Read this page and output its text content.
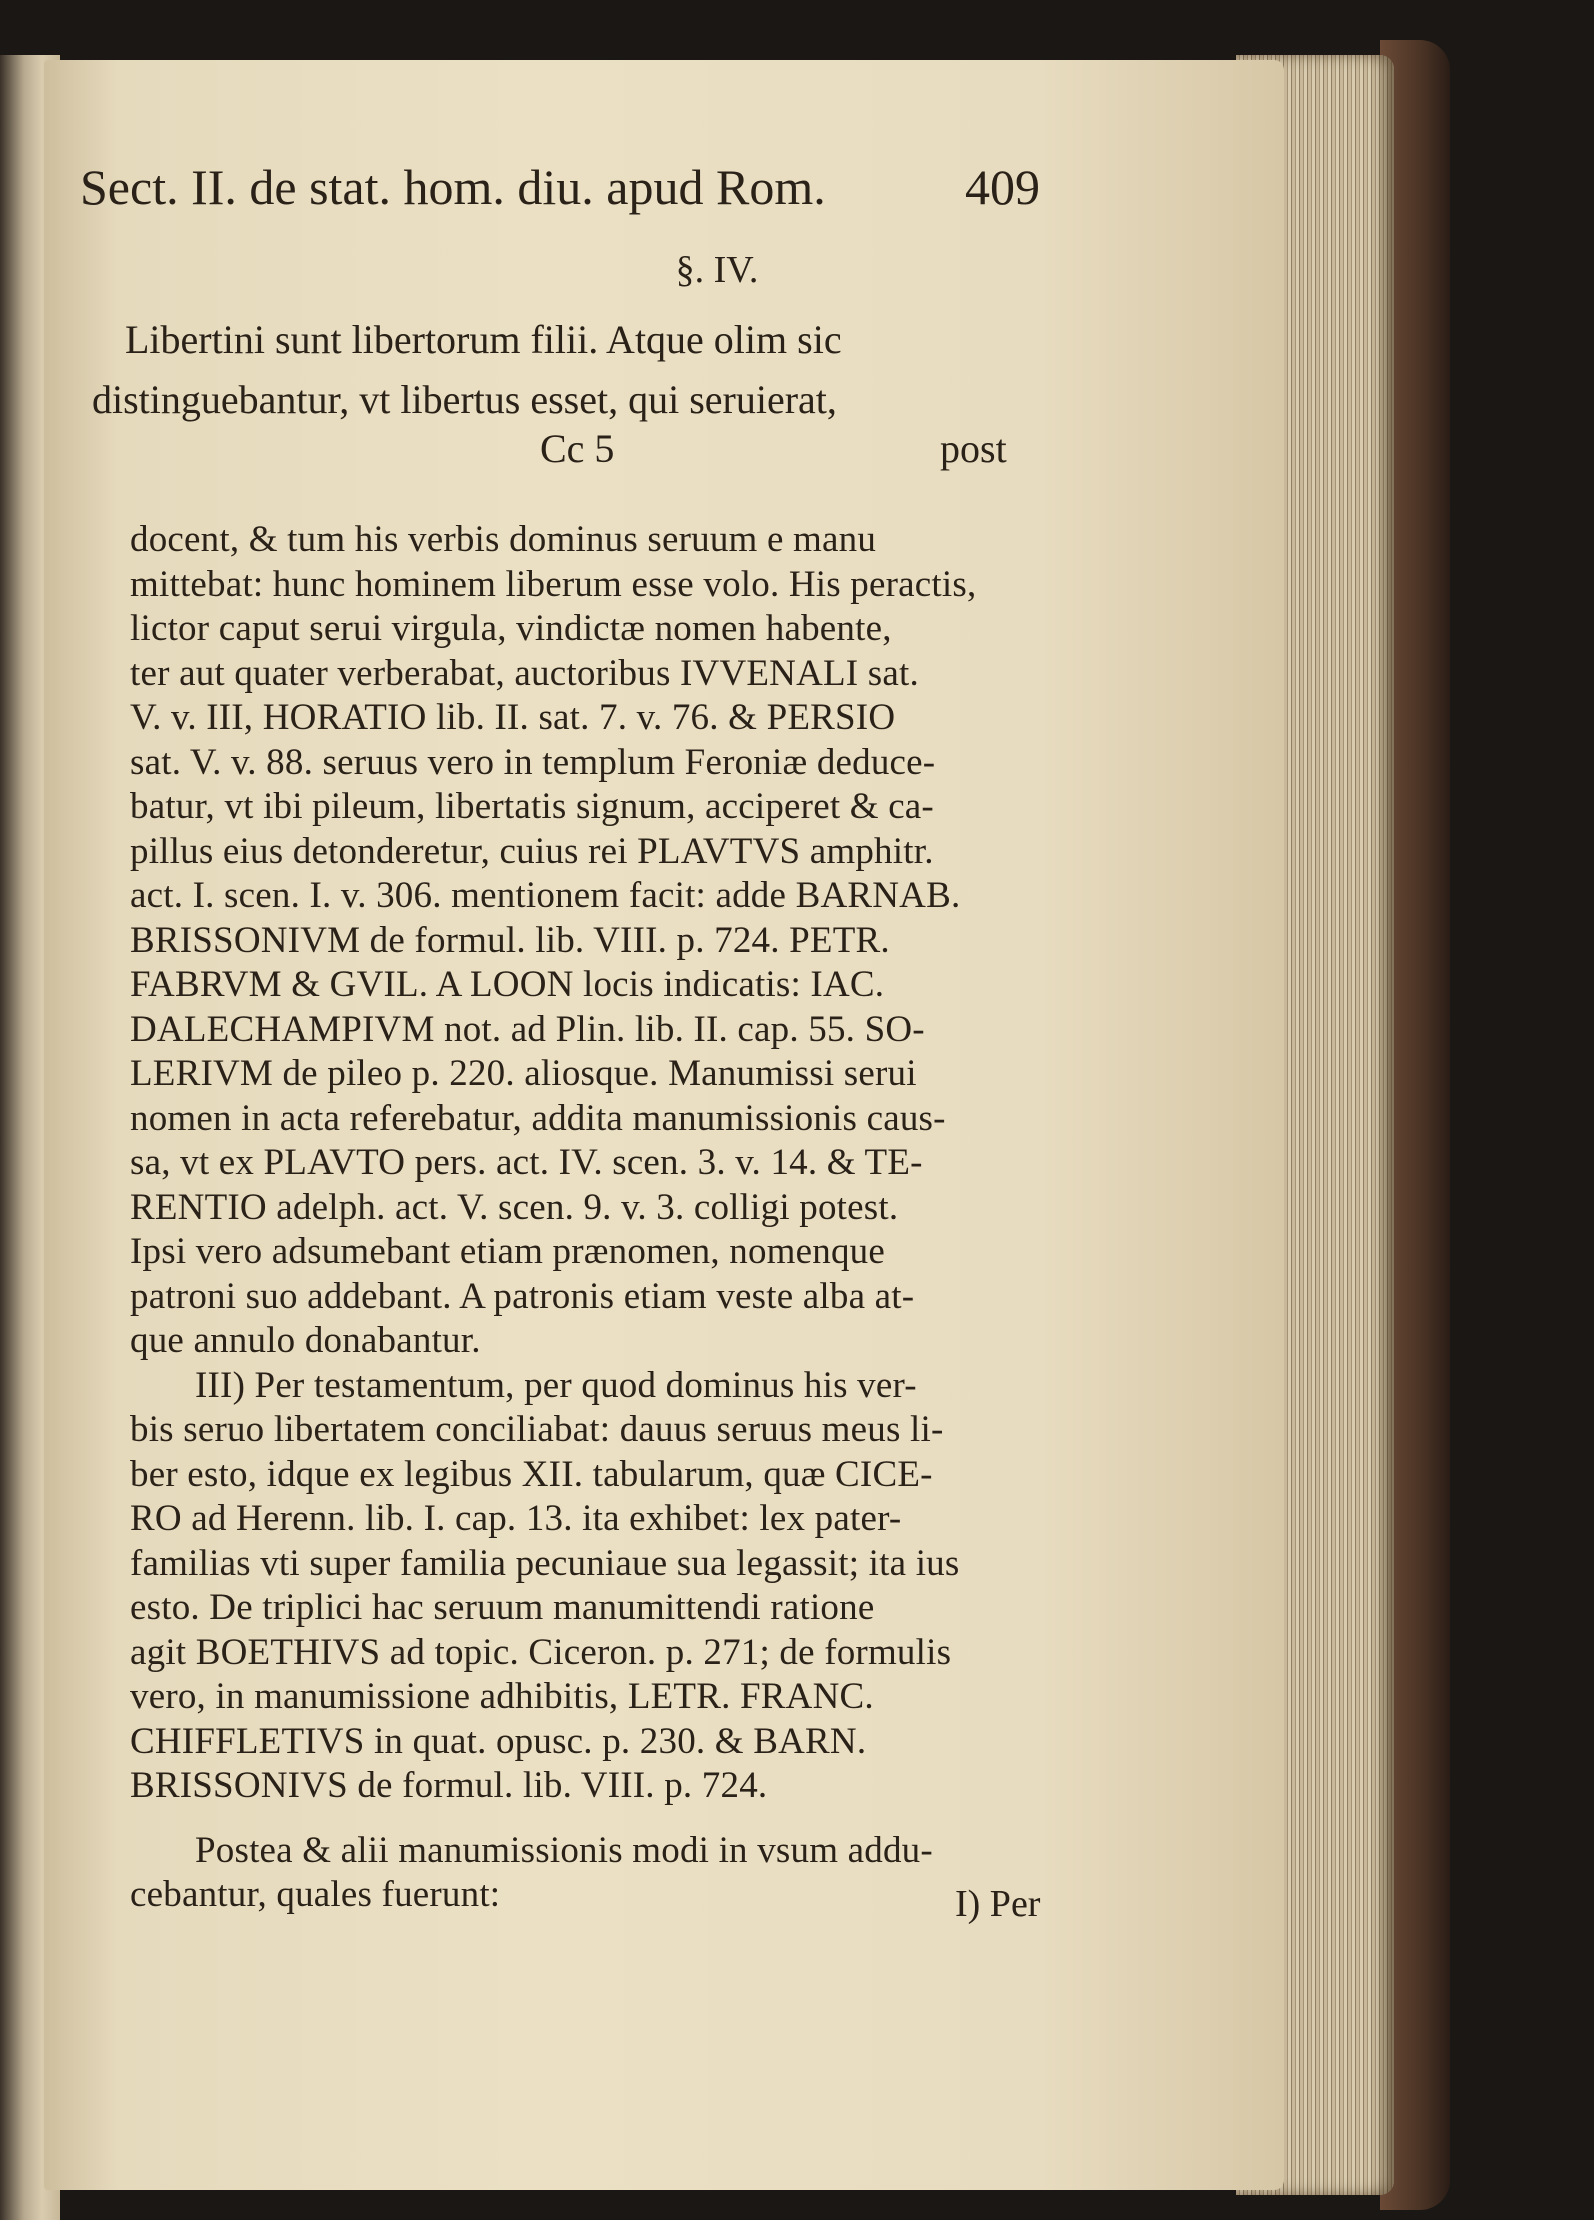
Sect. II. de stat. hom. diu. apud Rom.	409
§. IV.
Libertini sunt libertorum filii. Atque olim sic
distinguebantur, vt libertus esset, qui seruierat,
Cc 5	post
docent, & tum his verbis dominus seruum e manu
mittebat: hunc hominem liberum esse volo. His peractis,
lictor caput serui virgula, vindictæ nomen habente,
ter aut quater verberabat, auctoribus IVVENALI sat.
V. v. III, HORATIO lib. II. sat. 7. v. 76. & PERSIO
sat. V. v. 88. seruus vero in templum Feroniæ deduce-
batur, vt ibi pileum, libertatis signum, acciperet & ca-
pillus eius detonderetur, cuius rei PLAVTVS amphitr.
act. I. scen. I. v. 306. mentionem facit: adde BARNAB.
BRISSONIVM de formul. lib. VIII. p. 724. PETR.
FABRVM & GVIL. A LOON locis indicatis: IAC.
DALECHAMPIVM not. ad Plin. lib. II. cap. 55. SO-
LERIVM de pileo p. 220. aliosque. Manumissi serui
nomen in acta referebatur, addita manumissionis caus-
sa, vt ex PLAVTO pers. act. IV. scen. 3. v. 14. & TE-
RENTIO adelph. act. V. scen. 9. v. 3. colligi potest.
Ipsi vero adsumebant etiam prænomen, nomenque
patroni suo addebant. A patronis etiam veste alba at-
que annulo donabantur.
III) Per testamentum, per quod dominus his ver-
bis seruo libertatem conciliabat: dauus seruus meus li-
ber esto, idque ex legibus XII. tabularum, quæ CICE-
RO ad Herenn. lib. I. cap. 13. ita exhibet: lex pater-
familias vti super familia pecuniaue sua legassit; ita ius
esto. De triplici hac seruum manumittendi ratione
agit BOETHIVS ad topic. Ciceron. p. 271; de formulis
vero, in manumissione adhibitis, LETR. FRANC.
CHIFFLETIVS in quat. opusc. p. 230. & BARN.
BRISSONIVS de formul. lib. VIII. p. 724.
Postea & alii manumissionis modi in vsum addu-
cebantur, quales fuerunt:	I) Per
